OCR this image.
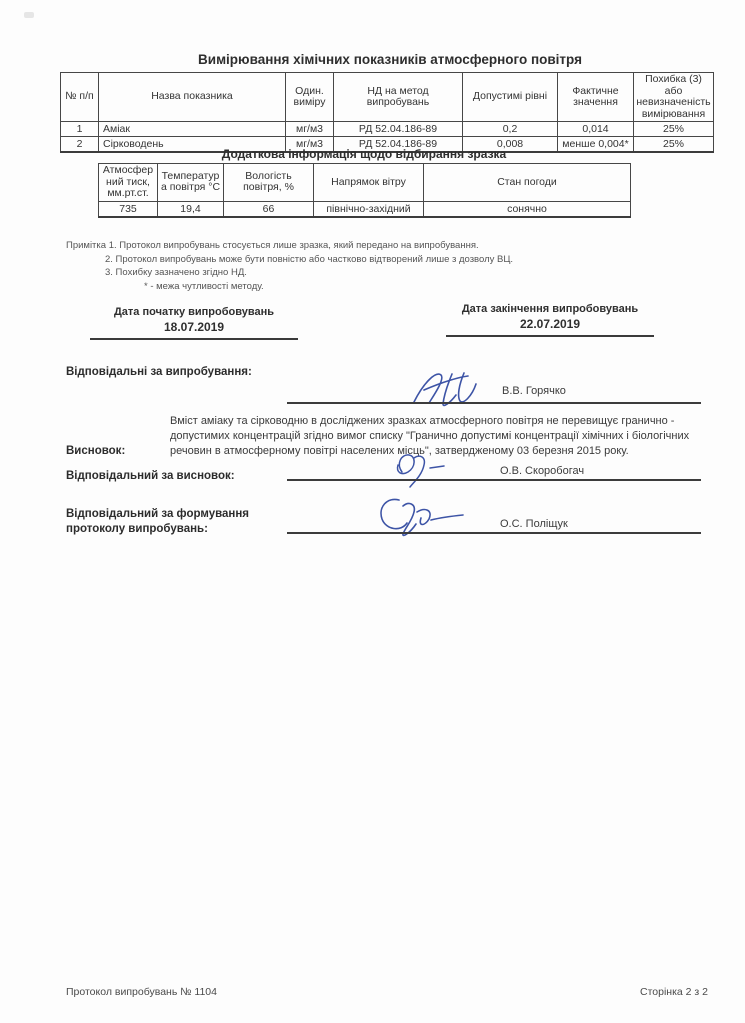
Вимірювання хімічних показників атмосферного повітря
№ п/п	Назва показника	Один. виміру	НД на метод випробувань	Допустимі рівні	Фактичне значення	Похибка (3) або невизначеність вимірювання
1	Аміак	мг/м3	РД 52.04.186-89	0,2	0,014	25%
2	Сірководень	мг/м3	РД 52.04.186-89	0,008	менше 0,004*	25%
Додаткова інформація щодо відбирання зразка
Атмосферний тиск, мм.рт.ст.	Температура повітря °С	Вологість повітря, %	Напрямок вітру	Стан погоди
735	19,4	66	північно-західний	сонячно
Примітка 1. Протокол випробувань стосується лише зразка, який передано на випробування.
2. Протокол випробувань може бути повністю або частково відтворений лише з дозволу ВЦ.
3. Похибку зазначено згідно НД.
* - межа чутливості методу.
Дата початку випробовувань
18.07.2019
Дата закінчення випробовувань
22.07.2019
Відповідальні за випробування:
В.В. Горячко
Вміст аміаку та сірководню в досліджених зразках атмосферного повітря не перевищує гранично - допустимих концентрацій згідно вимог списку "Гранично допустимі концентрації хімічних і біологічних речовин в атмосферному повітрі населених місць", затвердженому 03 березня 2015 року.
Висновок:
Відповідальний за висновок:	О.В. Скоробогач
Відповідальний за формування протоколу випробувань:	О.С. Поліщук
Протокол випробувань № 1104	Сторінка 2 з 2
